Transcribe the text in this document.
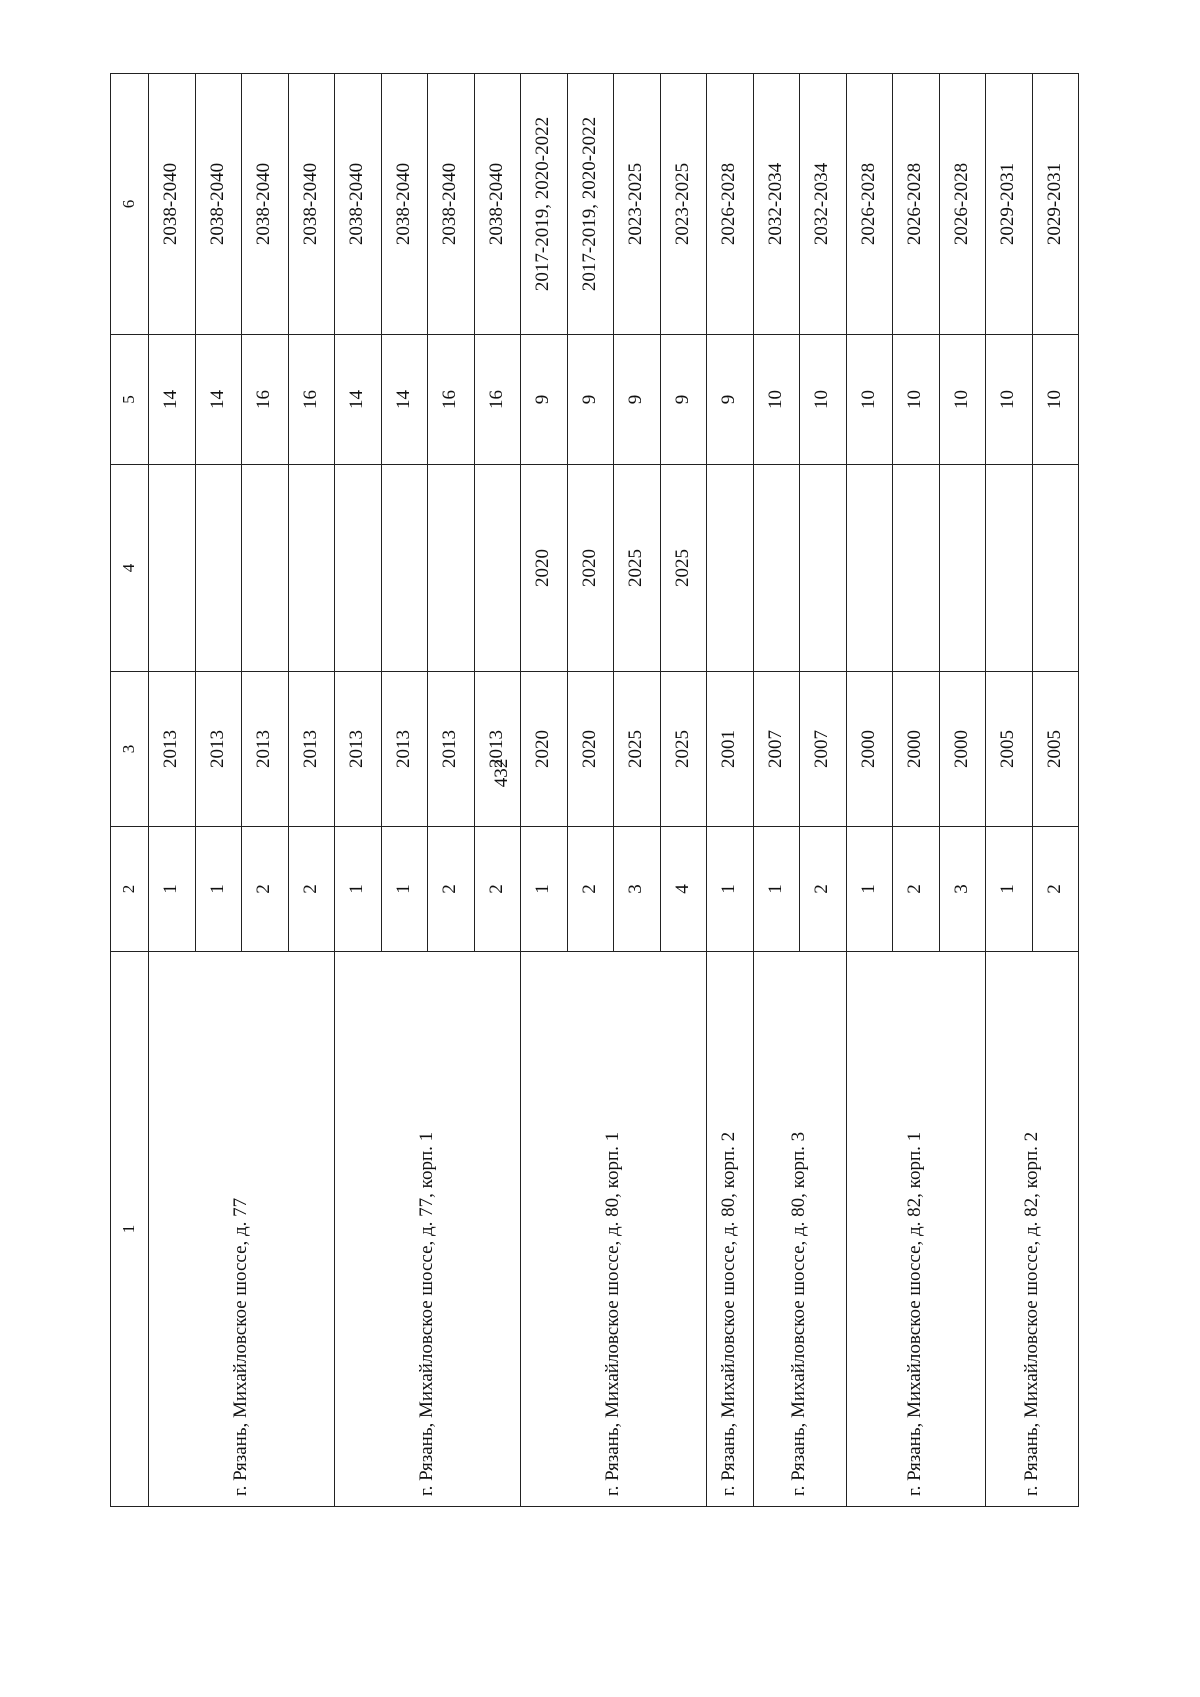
432
1	2	3	4	5	6
г. Рязань, Михайловское шоссе, д. 77	1	2013		14	2038-2040
	1	2013		14	2038-2040
	2	2013		16	2038-2040
	2	2013		16	2038-2040
г. Рязань, Михайловское шоссе, д. 77, корп. 1	1	2013		14	2038-2040
	1	2013		14	2038-2040
	2	2013		16	2038-2040
	2	2013		16	2038-2040
г. Рязань, Михайловское шоссе, д. 80, корп. 1	1	2020	2020	9	2017-2019, 2020-2022
	2	2020	2020	9	2017-2019, 2020-2022
	3	2025	2025	9	2023-2025
	4	2025	2025	9	2023-2025
г. Рязань, Михайловское шоссе, д. 80, корп. 2	1	2001		9	2026-2028
г. Рязань, Михайловское шоссе, д. 80, корп. 3	1	2007		10	2032-2034
	2	2007		10	2032-2034
г. Рязань, Михайловское шоссе, д. 82, корп. 1	1	2000		10	2026-2028
	2	2000		10	2026-2028
	3	2000		10	2026-2028
г. Рязань, Михайловское шоссе, д. 82, корп. 2	1	2005		10	2029-2031
	2	2005		10	2029-2031
